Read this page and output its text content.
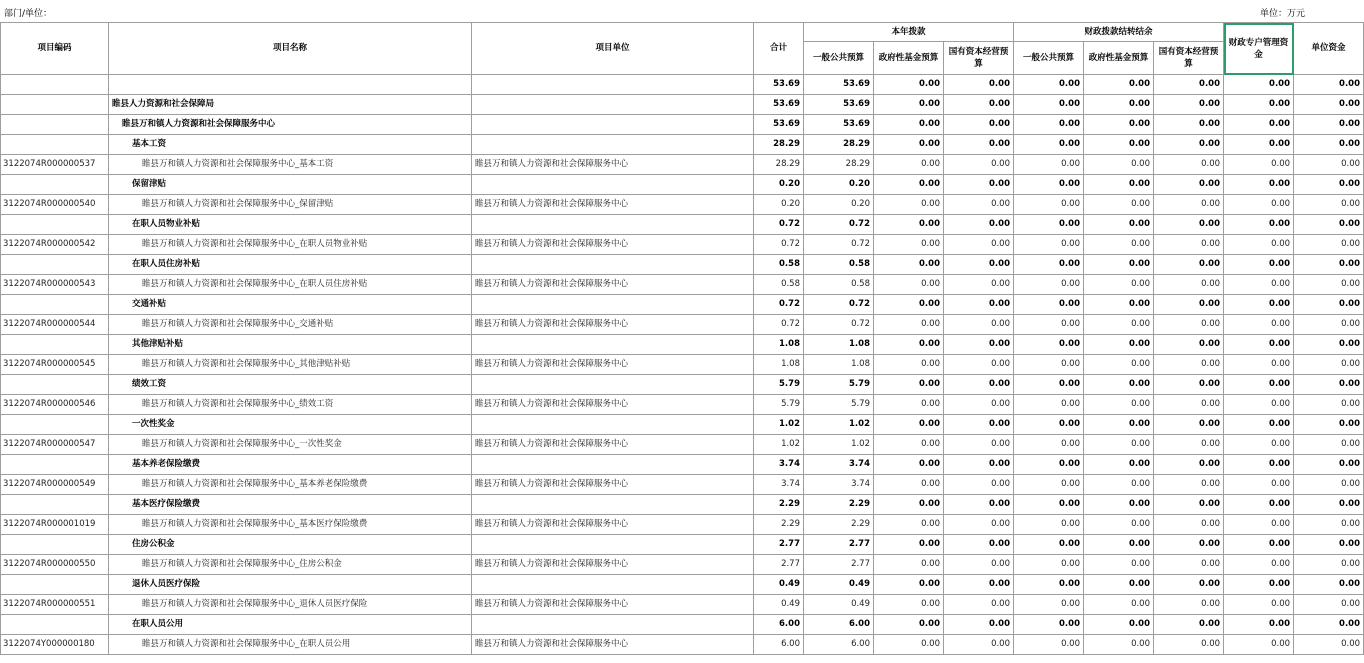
部门/单位：	单位：万元
项目编码	项目名称	项目单位	合计	本年拨款			财政拨款结转结余			财政专户管理资金	单位资金
				一般公共预算	政府性基金预算	国有资本经营预算	一般公共预算	政府性基金预算	国有资本经营预算		
			53.69	53.69	0.00	0.00	0.00	0.00	0.00	0.00	0.00
	睢县人力资源和社会保障局		53.69	53.69	0.00	0.00	0.00	0.00	0.00	0.00	0.00
	睢县万和镇人力资源和社会保障服务中心		53.69	53.69	0.00	0.00	0.00	0.00	0.00	0.00	0.00
	基本工资		28.29	28.29	0.00	0.00	0.00	0.00	0.00	0.00	0.00
3122074R000000537	睢县万和镇人力资源和社会保障服务中心_基本工资	睢县万和镇人力资源和社会保障服务中心	28.29	28.29	0.00	0.00	0.00	0.00	0.00	0.00	0.00
	保留津贴		0.20	0.20	0.00	0.00	0.00	0.00	0.00	0.00	0.00
3122074R000000540	睢县万和镇人力资源和社会保障服务中心_保留津贴	睢县万和镇人力资源和社会保障服务中心	0.20	0.20	0.00	0.00	0.00	0.00	0.00	0.00	0.00
	在职人员物业补贴		0.72	0.72	0.00	0.00	0.00	0.00	0.00	0.00	0.00
3122074R000000542	睢县万和镇人力资源和社会保障服务中心_在职人员物业补贴	睢县万和镇人力资源和社会保障服务中心	0.72	0.72	0.00	0.00	0.00	0.00	0.00	0.00	0.00
	在职人员住房补贴		0.58	0.58	0.00	0.00	0.00	0.00	0.00	0.00	0.00
3122074R000000543	睢县万和镇人力资源和社会保障服务中心_在职人员住房补贴	睢县万和镇人力资源和社会保障服务中心	0.58	0.58	0.00	0.00	0.00	0.00	0.00	0.00	0.00
	交通补贴		0.72	0.72	0.00	0.00	0.00	0.00	0.00	0.00	0.00
3122074R000000544	睢县万和镇人力资源和社会保障服务中心_交通补贴	睢县万和镇人力资源和社会保障服务中心	0.72	0.72	0.00	0.00	0.00	0.00	0.00	0.00	0.00
	其他津贴补贴		1.08	1.08	0.00	0.00	0.00	0.00	0.00	0.00	0.00
3122074R000000545	睢县万和镇人力资源和社会保障服务中心_其他津贴补贴	睢县万和镇人力资源和社会保障服务中心	1.08	1.08	0.00	0.00	0.00	0.00	0.00	0.00	0.00
	绩效工资		5.79	5.79	0.00	0.00	0.00	0.00	0.00	0.00	0.00
3122074R000000546	睢县万和镇人力资源和社会保障服务中心_绩效工资	睢县万和镇人力资源和社会保障服务中心	5.79	5.79	0.00	0.00	0.00	0.00	0.00	0.00	0.00
	一次性奖金		1.02	1.02	0.00	0.00	0.00	0.00	0.00	0.00	0.00
3122074R000000547	睢县万和镇人力资源和社会保障服务中心_一次性奖金	睢县万和镇人力资源和社会保障服务中心	1.02	1.02	0.00	0.00	0.00	0.00	0.00	0.00	0.00
	基本养老保险缴费		3.74	3.74	0.00	0.00	0.00	0.00	0.00	0.00	0.00
3122074R000000549	睢县万和镇人力资源和社会保障服务中心_基本养老保险缴费	睢县万和镇人力资源和社会保障服务中心	3.74	3.74	0.00	0.00	0.00	0.00	0.00	0.00	0.00
	基本医疗保险缴费		2.29	2.29	0.00	0.00	0.00	0.00	0.00	0.00	0.00
3122074R000001019	睢县万和镇人力资源和社会保障服务中心_基本医疗保险缴费	睢县万和镇人力资源和社会保障服务中心	2.29	2.29	0.00	0.00	0.00	0.00	0.00	0.00	0.00
	住房公积金		2.77	2.77	0.00	0.00	0.00	0.00	0.00	0.00	0.00
3122074R000000550	睢县万和镇人力资源和社会保障服务中心_住房公积金	睢县万和镇人力资源和社会保障服务中心	2.77	2.77	0.00	0.00	0.00	0.00	0.00	0.00	0.00
	退休人员医疗保险		0.49	0.49	0.00	0.00	0.00	0.00	0.00	0.00	0.00
3122074R000000551	睢县万和镇人力资源和社会保障服务中心_退休人员医疗保险	睢县万和镇人力资源和社会保障服务中心	0.49	0.49	0.00	0.00	0.00	0.00	0.00	0.00	0.00
	在职人员公用		6.00	6.00	0.00	0.00	0.00	0.00	0.00	0.00	0.00
3122074Y000000180	睢县万和镇人力资源和社会保障服务中心_在职人员公用	睢县万和镇人力资源和社会保障服务中心	6.00	6.00	0.00	0.00	0.00	0.00	0.00	0.00	0.00
